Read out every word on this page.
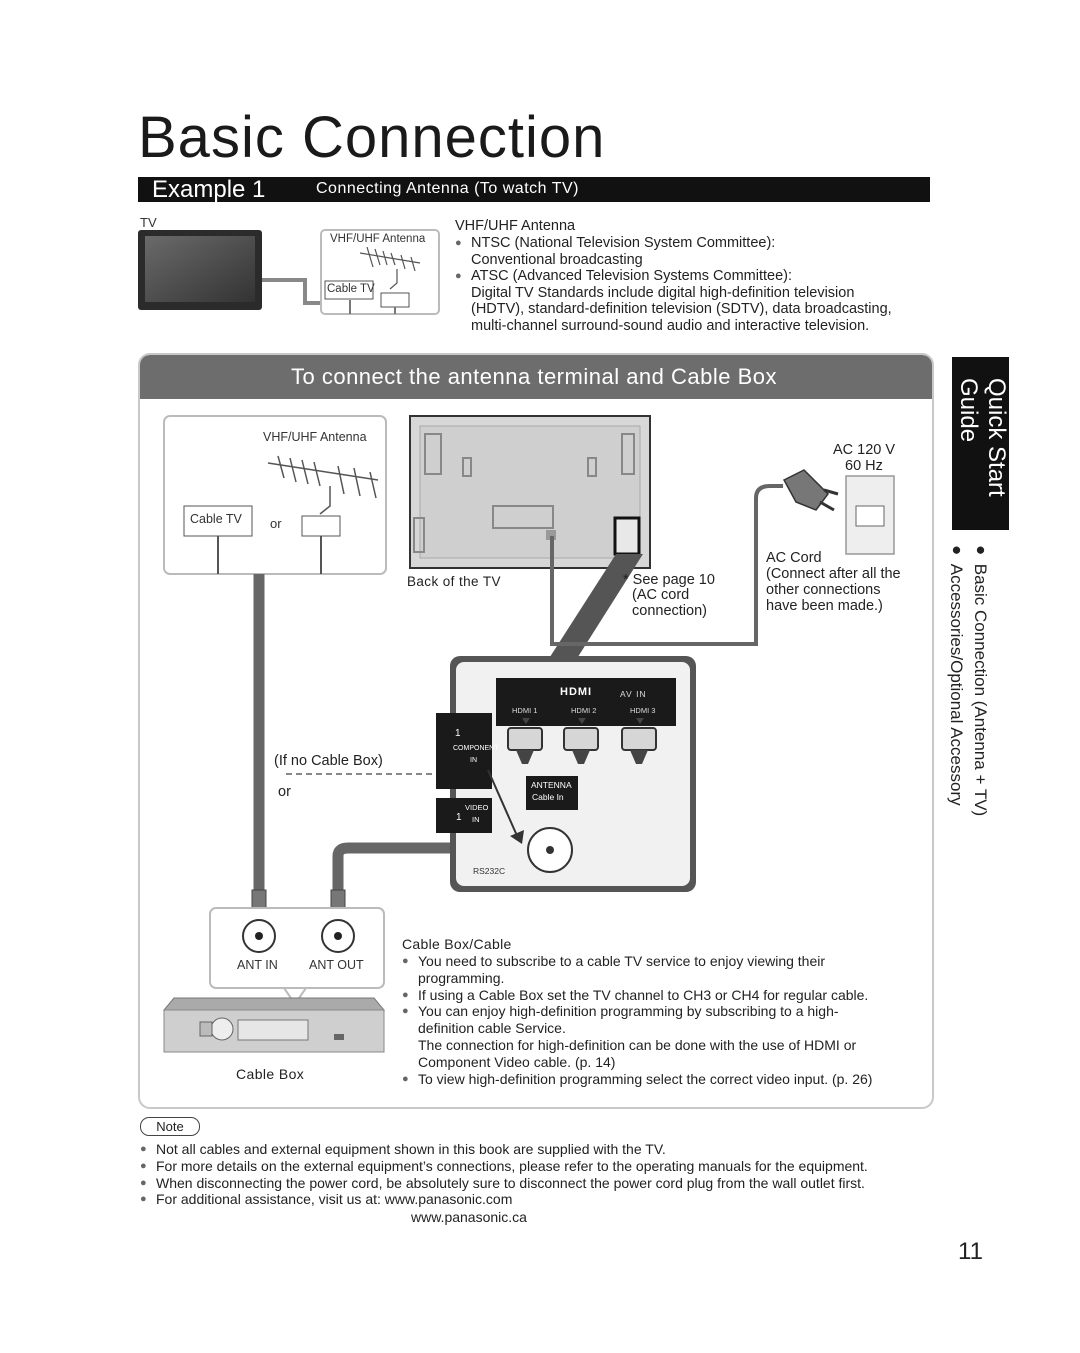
Basic Connection
Example 1	Connecting Antenna (To watch TV)
TV
VHF/UHF Antenna
Cable TV
VHF/UHF Antenna
● NTSC (National Television System Committee):
Conventional broadcasting
● ATSC (Advanced Television Systems Committee):
Digital TV Standards include digital high-definition television
(HDTV), standard-definition television (SDTV), data broadcasting,
multi-channel surround-sound audio and interactive television.
To connect the antenna terminal and Cable Box
VHF/UHF Antenna
Cable TV or
Back of the TV
AC 120 V
60 Hz
* See page 10
(AC cord
connection)
AC Cord
(Connect after all the
other connections
have been made.)
(If no Cable Box)
or
HDMI	AV IN
HDMI 1	HDMI 2	HDMI 3
1
COMPONENT
IN
VIDEO
IN
1
ANTENNA
Cable In
RS232C
ANT IN	ANT OUT
Cable Box
Cable Box/Cable
● You need to subscribe to a cable TV service to enjoy viewing their
programming.
● If using a Cable Box set the TV channel to CH3 or CH4 for regular cable.
● You can enjoy high-definition programming by subscribing to a high-
definition cable Service.
The connection for high-definition can be done with the use of HDMI or
Component Video cable. (p. 14)
● To view high-definition programming select the correct video input. (p. 26)
Quick Start
Guide
● Basic Connection (Antenna + TV)
● Accessories/Optional Accessory
Note
● Not all cables and external equipment shown in this book are supplied with the TV.
● For more details on the external equipment’s connections, please refer to the operating manuals for the equipment.
● When disconnecting the power cord, be absolutely sure to disconnect the power cord plug from the wall outlet first.
● For additional assistance, visit us at: www.panasonic.com
www.panasonic.ca
11
